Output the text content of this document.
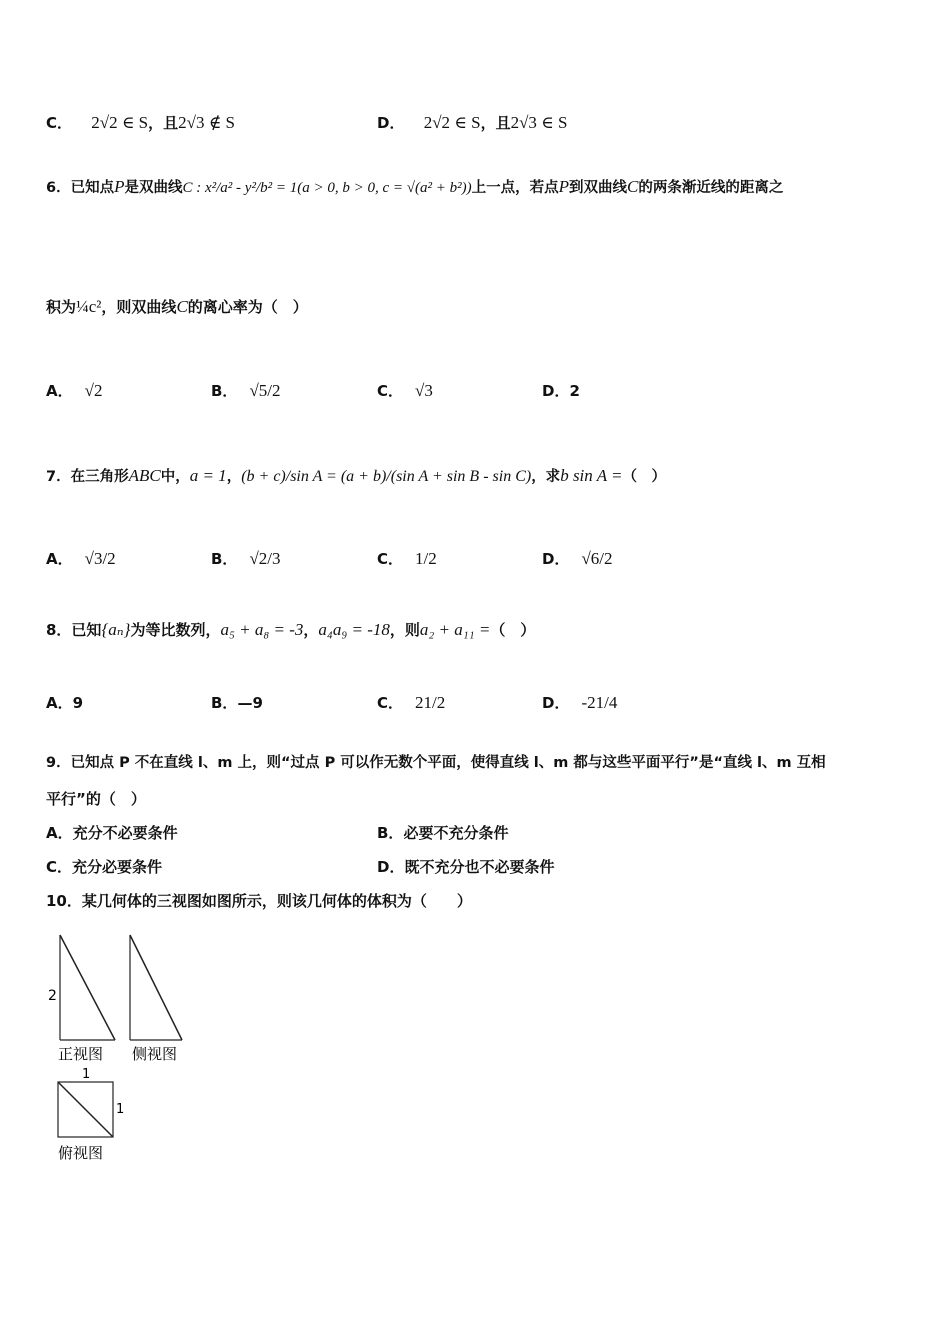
C． 2√2 ∈ S，且2√3 ∉ S	D． 2√2 ∈ S，且2√3 ∈ S
6．已知点P是双曲线C : x²/a² - y²/b² = 1(a > 0, b > 0, c = √(a² + b²))上一点，若点P到双曲线C的两条渐近线的距离之
积为¼c²，则双曲线C的离心率为（　）
A． √2	B． √5/2	C． √3	D．2
7．在三角形ABC中，a = 1，(b + c)/sin A = (a + b)/(sin A + sin B - sin C)，求b sin A =（　）
A． √3/2	B． √2/3	C． 1/2	D． √6/2
8．已知{aₙ}为等比数列，a₅ + a₈ = -3，a₄a₉ = -18，则a₂ + a₁₁ =（　）
A．9	B．—9	C． 21/2	D． -21/4
9．已知点 P 不在直线 l、m 上，则“过点 P 可以作无数个平面，使得直线 l、m 都与这些平面平行”是“直线 l、m 互相
平行”的（　）
A．充分不必要条件	B．必要不充分条件
C．充分必要条件	D．既不充分也不必要条件
10．某几何体的三视图如图所示，则该几何体的体积为（　　）
2
正视图 侧视图
1
1
俯视图
